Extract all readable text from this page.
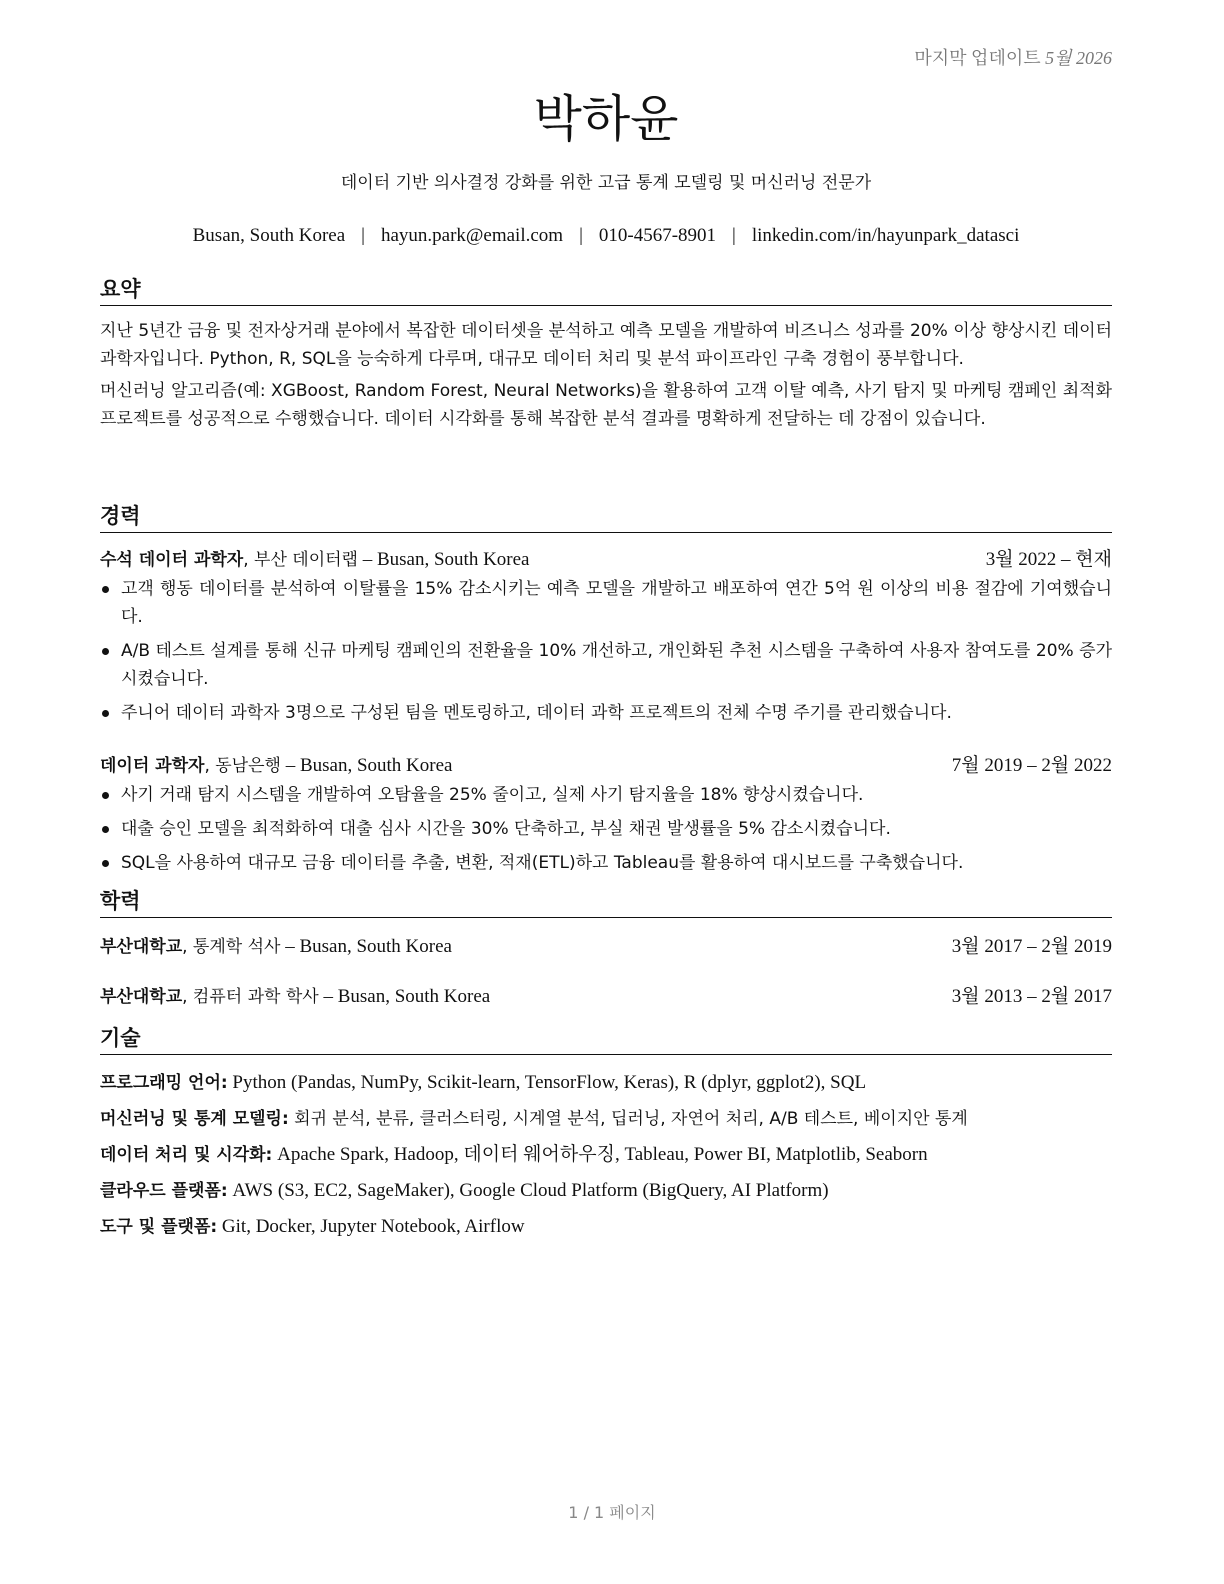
마지막 업데이트 5월 2026
박하윤
데이터 기반 의사결정 강화를 위한 고급 통계 모델링 및 머신러닝 전문가
Busan, South Korea | hayun.park@email.com | 010-4567-8901 | linkedin.com/in/hayunpark_datasci
요약

지난 5년간 금융 및 전자상거래 분야에서 복잡한 데이터셋을 분석하고 예측 모델을 개발하여 비즈니스 성과를 20% 이상 향상시킨 데이터 과학자입니다. Python, R, SQL을 능숙하게 다루며, 대규모 데이터 처리 및 분석 파이프라인 구축 경험이 풍부합니다.

머신러닝 알고리즘(예: XGBoost, Random Forest, Neural Networks)을 활용하여 고객 이탈 예측, 사기 탐지 및 마케팅 캠페인 최적화 프로젝트를 성공적으로 수행했습니다. 데이터 시각화를 통해 복잡한 분석 결과를 명확하게 전달하는 데 강점이 있습니다.

경력
수석 데이터 과학자, 부산 데이터랩 – Busan, South Korea	3월 2022 – 현재
고객 행동 데이터를 분석하여 이탈률을 15% 감소시키는 예측 모델을 개발하고 배포하여 연간 5억 원 이상의 비용 절감에 기여했습니다.
A/B 테스트 설계를 통해 신규 마케팅 캠페인의 전환율을 10% 개선하고, 개인화된 추천 시스템을 구축하여 사용자 참여도를 20% 증가시켰습니다.
주니어 데이터 과학자 3명으로 구성된 팀을 멘토링하고, 데이터 과학 프로젝트의 전체 수명 주기를 관리했습니다.
데이터 과학자, 동남은행 – Busan, South Korea	7월 2019 – 2월 2022
사기 거래 탐지 시스템을 개발하여 오탐율을 25% 줄이고, 실제 사기 탐지율을 18% 향상시켰습니다.
대출 승인 모델을 최적화하여 대출 심사 시간을 30% 단축하고, 부실 채권 발생률을 5% 감소시켰습니다.
SQL을 사용하여 대규모 금융 데이터를 추출, 변환, 적재(ETL)하고 Tableau를 활용하여 대시보드를 구축했습니다.
학력
부산대학교, 통계학 석사 – Busan, South Korea	3월 2017 – 2월 2019
부산대학교, 컴퓨터 과학 학사 – Busan, South Korea	3월 2013 – 2월 2017
기술
프로그래밍 언어: Python (Pandas, NumPy, Scikit-learn, TensorFlow, Keras), R (dplyr, ggplot2), SQL
머신러닝 및 통계 모델링: 회귀 분석, 분류, 클러스터링, 시계열 분석, 딥러닝, 자연어 처리, A/B 테스트, 베이지안 통계
데이터 처리 및 시각화: Apache Spark, Hadoop, 데이터 웨어하우징, Tableau, Power BI, Matplotlib, Seaborn
클라우드 플랫폼: AWS (S3, EC2, SageMaker), Google Cloud Platform (BigQuery, AI Platform)
도구 및 플랫폼: Git, Docker, Jupyter Notebook, Airflow
1 / 1 페이지
